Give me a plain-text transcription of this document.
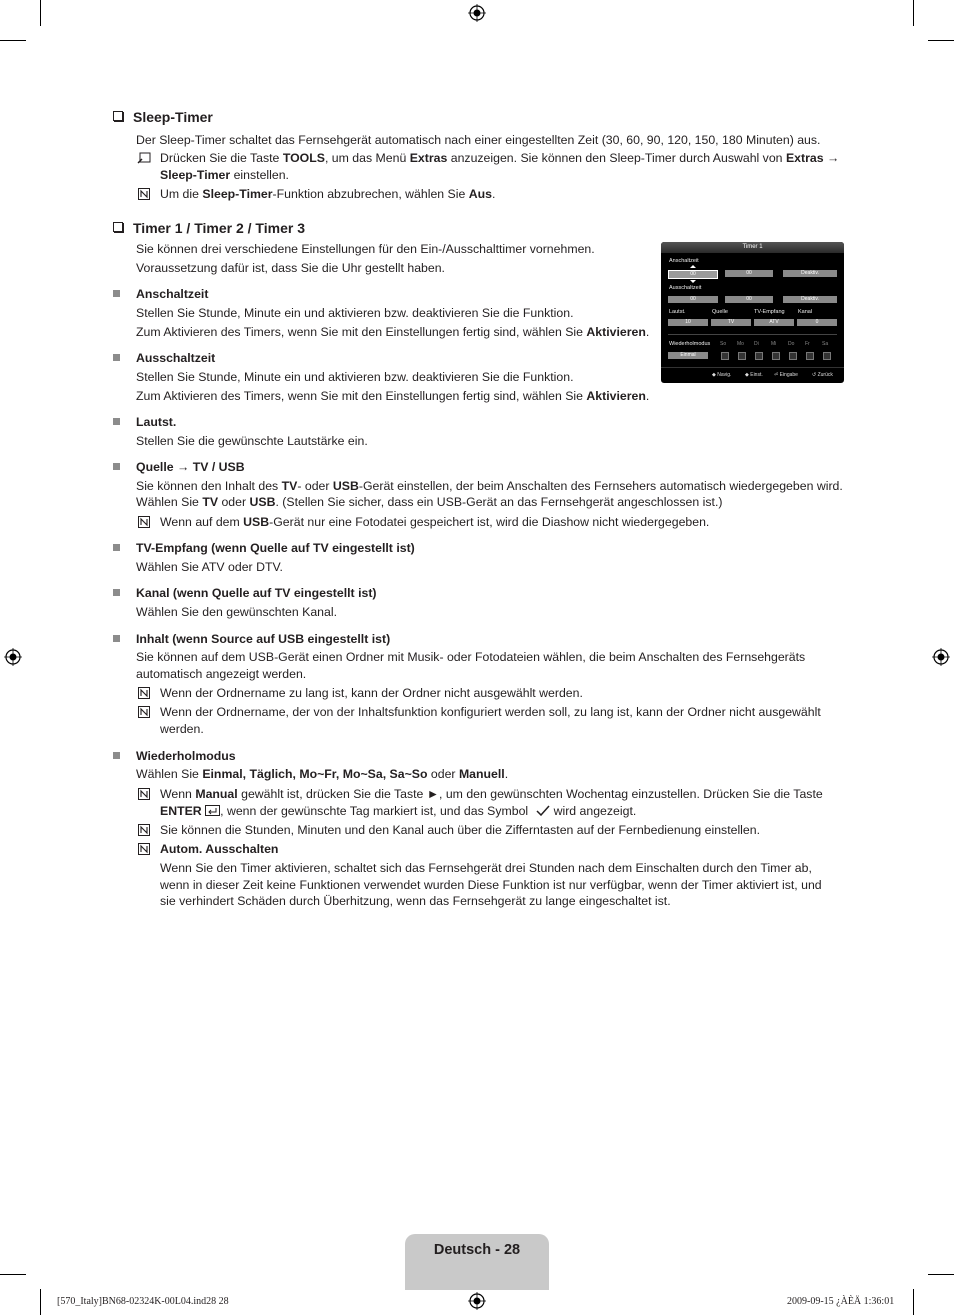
Sleep-Timer
Der Sleep-Timer schaltet das Fernsehgerät automatisch nach einer eingestellten Zeit (30, 60, 90, 120, 150, 180 Minuten) aus.
Drücken Sie die Taste TOOLS, um das Menü Extras anzuzeigen. Sie können den Sleep-Timer durch Auswahl von Extras → Sleep-Timer einstellen.
Um die Sleep-Timer-Funktion abzubrechen, wählen Sie Aus.
Timer 1 / Timer 2 / Timer 3
Sie können drei verschiedene Einstellungen für den Ein-/Ausschalttimer vornehmen.
Voraussetzung dafür ist, dass Sie die Uhr gestellt haben.
Anschaltzeit
Stellen Sie Stunde, Minute ein und aktivieren bzw. deaktivieren Sie die Funktion.
Zum Aktivieren des Timers, wenn Sie mit den Einstellungen fertig sind, wählen Sie Aktivieren.
Ausschaltzeit
Stellen Sie Stunde, Minute ein und aktivieren bzw. deaktivieren Sie die Funktion.
Zum Aktivieren des Timers, wenn Sie mit den Einstellungen fertig sind, wählen Sie Aktivieren.
Lautst.
Stellen Sie die gewünschte Lautstärke ein.
Quelle → TV / USB
Sie können den Inhalt des TV- oder USB-Gerät einstellen, der beim Anschalten des Fernsehers automatisch wiedergegeben wird.
Wählen Sie TV oder USB. (Stellen Sie sicher, dass ein USB-Gerät an das Fernsehgerät angeschlossen ist.)
Wenn auf dem USB-Gerät nur eine Fotodatei gespeichert ist, wird die Diashow nicht wiedergegeben.
TV-Empfang (wenn Quelle auf TV eingestellt ist)
Wählen Sie ATV oder DTV.
Kanal (wenn Quelle auf TV eingestellt ist)
Wählen Sie den gewünschten Kanal.
Inhalt (wenn Source auf USB eingestellt ist)
Sie können auf dem USB-Gerät einen Ordner mit Musik- oder Fotodateien wählen, die beim Anschalten des Fernsehgeräts automatisch angezeigt werden.
Wenn der Ordnername zu lang ist, kann der Ordner nicht ausgewählt werden.
Wenn der Ordnername, der von der Inhaltsfunktion konfiguriert werden soll, zu lang ist, kann der Ordner nicht ausgewählt werden.
Wiederholmodus
Wählen Sie Einmal, Täglich, Mo~Fr, Mo~Sa, Sa~So oder Manuell.
Wenn Manual gewählt ist, drücken Sie die Taste ►, um den gewünschten Wochentag einzustellen. Drücken Sie die Taste
ENTER , wenn der gewünschte Tag markiert ist, und das Symbol wird angezeigt.
Sie können die Stunden, Minuten und den Kanal auch über die Zifferntasten auf der Fernbedienung einstellen.
Autom. Ausschalten
Wenn Sie den Timer aktivieren, schaltet sich das Fernsehgerät drei Stunden nach dem Einschalten durch den Timer ab, wenn in dieser Zeit keine Funktionen verwendet wurden Diese Funktion ist nur verfügbar, wenn der Timer aktiviert ist, und sie verhindert Schäden durch Überhitzung, wenn das Fernsehgerät zu lange eingeschaltet ist.
Timer 1
Anschaltzeit
00	00	Deaktiv.
Ausschaltzeit
00	00	Deaktiv.
Lautst.	Quelle	TV-Empfang Kanal
10	TV	ATV	0
Wiederholmodus So Mo Di Mi Do Fr Sa
Einmal
◆ Navig.	◆ Einst. ⏎ Eingabe	↺ Zurück
Deutsch - 28
[570_Italy]BN68-02324K-00L04.ind28 28	2009-09-15 ¿ÀÈÄ 1:36:01
